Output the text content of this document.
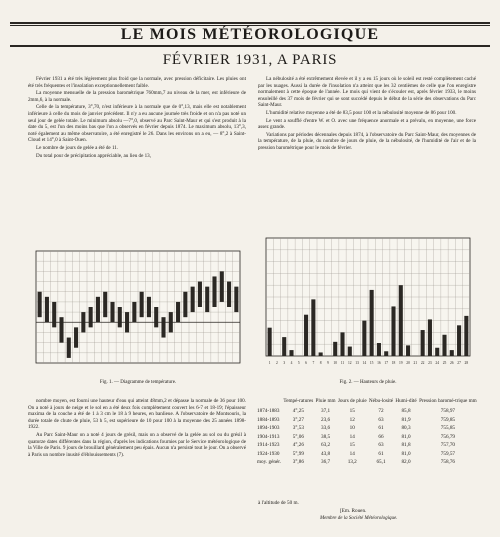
LE MOIS MÉTÉOROLOGIQUE
FÉVRIER 1931, A PARIS

Février 1931 a été très légèrement plus froid que la normale, avec pression déficitaire. Les pluies ont été très fréquentes et l'insolation exceptionnellement faible.

La moyenne mensuelle de la pression barométrique 760mm,7 au niveau de la mer, est inférieure de 2mm,6, à la normale.

Celle de la température, 3°,70, n'est inférieure à la normale que de 0°,13, mais elle est notablement inférieure à celle du mois de janvier précédent. Il n'y a eu aucune journée très froide et on n'a pas noté un seul jour de gelée totale. Le minimum absolu —7°,0, observé au Parc Saint-Maur et qui s'est produit à la date du 5, est l'un des moins bas que l'on a observés en février depuis 1874. Le maximum absolu, 13°,3, noté également au même observatoire, a été enregistré le 26. Dans les environs on a eu, — 8°,2 à Saint-Cloud et 14°,0 à Saint-Ouen.

Le nombre de jours de gelée a été de 11.

Du total pour de précipitation appréciable, au lieu de 13,

La nébulosité a été extrêmement élevée et il y a eu 15 jours où le soleil est resté complètement caché par les nuages. Aussi la durée de l'insolation n'a atteint que les 32 centièmes de celle que l'on enregistre normalement à cette époque de l'année. Le mois qui vient de s'écouler est, après février 1933, le moins ensoleillé des 37 mois de février qui se sont succédé depuis le début de la série des observations du Parc Saint-Maur.

L'humidité relative moyenne a été de 83,5 pour 100 et la nébulosité moyenne de 86 pour 100.

Le vent a soufflé d'entre W. et O. avec une fréquence anormale et a prévalu, en moyenne, une force assez grande.

Variations par périodes décennales depuis 1874, à l'observatoire du Parc Saint-Maur, des moyennes de la température, de la pluie, du nombre de jours de pluie, de la nébulosité, de l'humidité de l'air et de la pression barométrique pour le mois de février.

Fig. 1. — Diagramme de température.
1 2 3 4 5 6 7 8 9 10 11 12 13 14 15 16 17 18 19 20 21 22 23 24 25 26 27 28
Fig. 2. — Hauteurs de pluie.

nombre moyen, est fourni une hauteur d'eau qui atteint 48mm,2 et dépasse la normale de 36 pour 100. On a noté à jours de neige et le sol en a été deux fois complètement couvert les 6-7 et 18-19; l'épaisseur maxima de la couche a été de 1 à 3 cm le 18 à 9 heures, en banlieue. A l'observatoire de Montsouris, la durée totale de chute de pluie, 53 h 5, est supérieure de 10 pour 100 à la moyenne des 25 années 1898-1922.

Au Parc Saint-Maur on a noté 4 jours de grésil, mais on a observé de la gelée au sol ou du grésil à quatorze dates différentes dans la région, d'après les indications fournies par le Service météorologique de la Ville de Paris. 9 jours de brouillard généralement peu épais. Aucun n'a persisté tout le jour. On a observé à Paris un nombre inusité d'éblouissements (7).

	Tempé-ratures	Pluie mm	Jours de pluie	Nébu-losité	Humi-dité	Pression baromé-trique mm
1874-1883	4°,25	37,1	15	72	85,8	758,97
1884-1893	3°,27	23,6	12	63	81,9	759,85
1894-1903	3°,53	33,6	10	61	80,3	755,85
1904-1913	5°,06	38,5	14	66	81,0	756,79
1914-1923	4°,26	63,2	15	63	81,8	757,70
1924-1930	5°,99	43,8	14	61	81,0	759,57
moy. génér.	3°,86	36,7	13,2	65,1	82,0	758,76
à l'altitude de 50 m.
[Em. Rouen.
Membre de la Société Météorologique.
